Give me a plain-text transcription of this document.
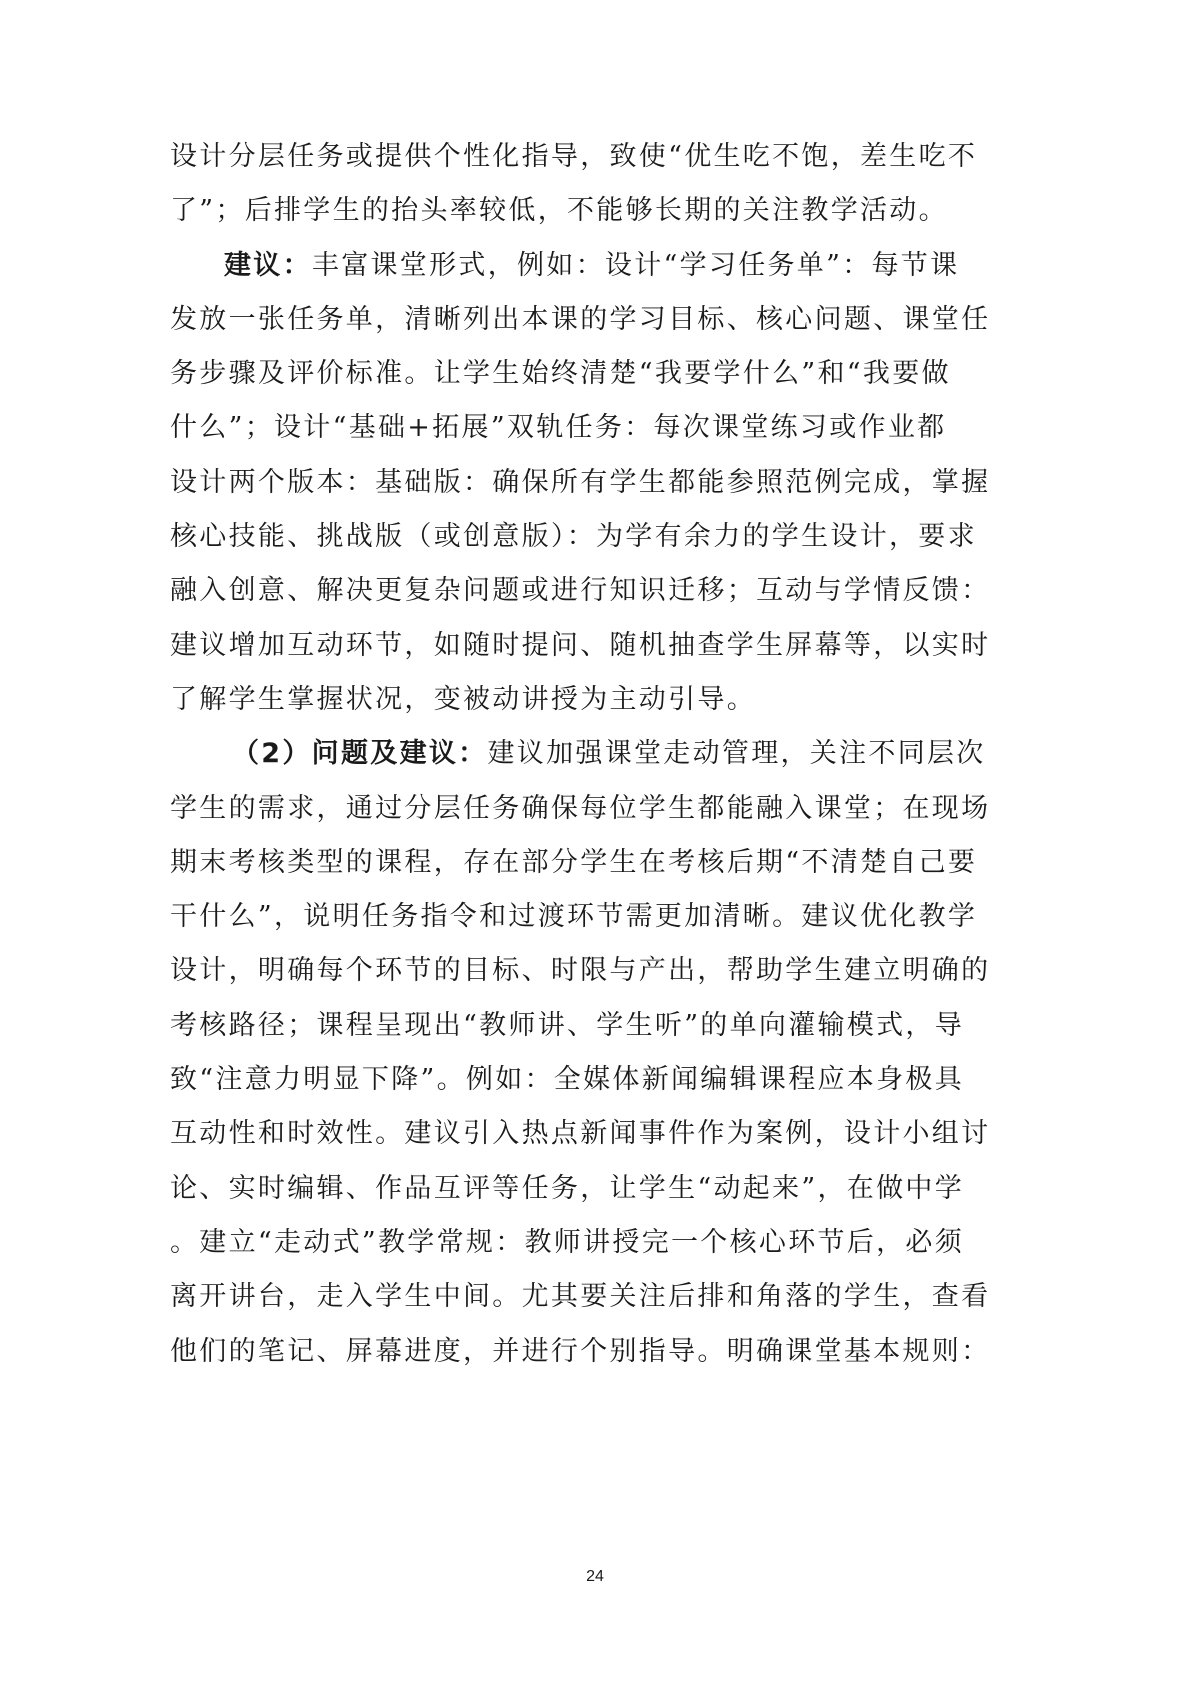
设计分层任务或提供个性化指导，致使“优生吃不饱，差生吃不
了”；后排学生的抬头率较低，不能够长期的关注教学活动。
建议：丰富课堂形式，例如：设计“学习任务单”：每节课
发放一张任务单，清晰列出本课的学习目标、核心问题、课堂任
务步骤及评价标准。让学生始终清楚“我要学什么”和“我要做
什么”；设计“基础+拓展”双轨任务：每次课堂练习或作业都
设计两个版本：基础版：确保所有学生都能参照范例完成，掌握
核心技能、挑战版（或创意版）：为学有余力的学生设计，要求
融入创意、解决更复杂问题或进行知识迁移；互动与学情反馈：
建议增加互动环节，如随时提问、随机抽查学生屏幕等，以实时
了解学生掌握状况，变被动讲授为主动引导。
（2）问题及建议：建议加强课堂走动管理，关注不同层次
学生的需求，通过分层任务确保每位学生都能融入课堂；在现场
期末考核类型的课程，存在部分学生在考核后期“不清楚自己要
干什么”，说明任务指令和过渡环节需更加清晰。建议优化教学
设计，明确每个环节的目标、时限与产出，帮助学生建立明确的
考核路径；课程呈现出“教师讲、学生听”的单向灌输模式，导
致“注意力明显下降”。例如：全媒体新闻编辑课程应本身极具
互动性和时效性。建议引入热点新闻事件作为案例，设计小组讨
论、实时编辑、作品互评等任务，让学生“动起来”，在做中学
。建立“走动式”教学常规：教师讲授完一个核心环节后，必须
离开讲台，走入学生中间。尤其要关注后排和角落的学生，查看
他们的笔记、屏幕进度，并进行个别指导。明确课堂基本规则：
24
